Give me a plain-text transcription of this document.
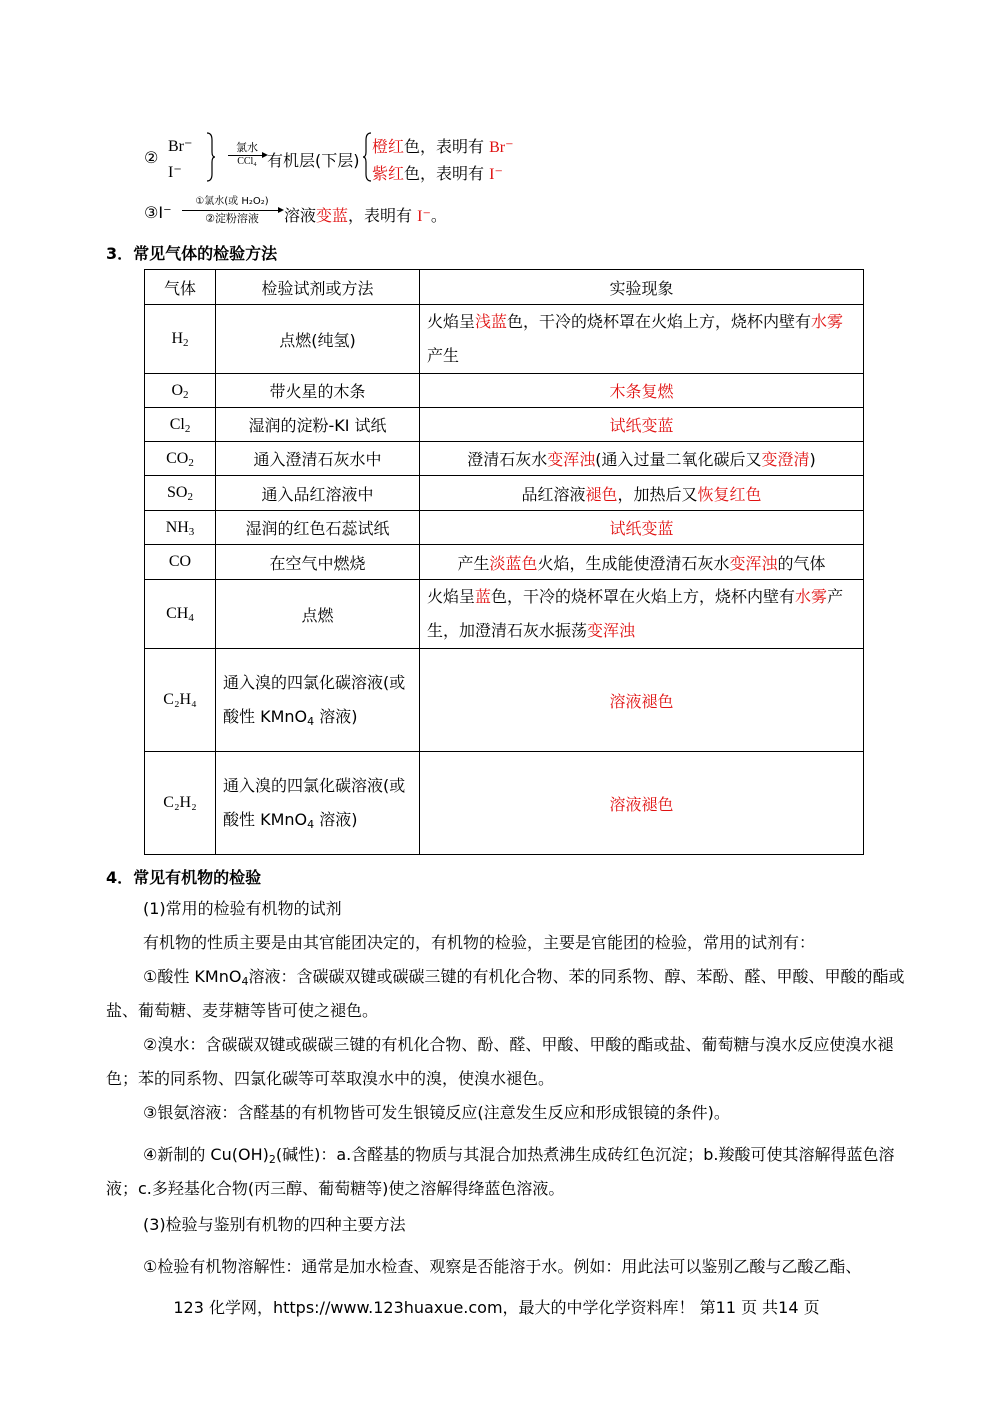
②
Br⁻
I⁻
氯水
CCl₄ 有机层(下层)
橙红色，表明有 Br⁻
紫红色，表明有 I⁻
③I⁻
①氯水(或 H₂O₂)
②淀粉溶液	溶液变蓝，表明有 I⁻。
3．常见气体的检验方法
气体	检验试剂或方法	实验现象
$H_2$	点燃(纯氢)	火焰呈浅蓝色，干冷的烧杯罩在火焰上方，烧杯内壁有水雾产生
$O_2$	带火星的木条	木条复燃
$Cl_2$	湿润的淀粉-KI 试纸	试纸变蓝
$CO_2$	通入澄清石灰水中	澄清石灰水变浑浊(通入过量二氧化碳后又变澄清)
$SO_2$	通入品红溶液中	品红溶液褪色，加热后又恢复红色
$NH_3$	湿润的红色石蕊试纸	试纸变蓝
CO	在空气中燃烧	产生淡蓝色火焰，生成能使澄清石灰水变浑浊的气体
$CH_4$	点燃	火焰呈蓝色，干冷的烧杯罩在火焰上方，烧杯内壁有水雾产生，加澄清石灰水振荡变浑浊
C₂H₄	通入溴的四氯化碳溶液(或酸性 KMnO$_4$ 溶液)	溶液褪色
C₂H₂	通入溴的四氯化碳溶液(或酸性 KMnO$_4$ 溶液)	溶液褪色
4．常见有机物的检验
(1)常用的检验有机物的试剂
有机物的性质主要是由其官能团决定的，有机物的检验，主要是官能团的检验，常用的试剂有：
①酸性 KMnO$_4$溶液：含碳碳双键或碳碳三键的有机化合物、苯的同系物、醇、苯酚、醛、甲酸、甲酸的酯或盐、葡萄糖、麦芽糖等皆可使之褪色。
②溴水：含碳碳双键或碳碳三键的有机化合物、酚、醛、甲酸、甲酸的酯或盐、葡萄糖与溴水反应使溴水褪色；苯的同系物、四氯化碳等可萃取溴水中的溴，使溴水褪色。
③银氨溶液：含醛基的有机物皆可发生银镜反应(注意发生反应和形成银镜的条件)。
④新制的 $Cu(OH)_2$(碱性)：a.含醛基的物质与其混合加热煮沸生成砖红色沉淀；b.羧酸可使其溶解得蓝色溶液；c.多羟基化合物(丙三醇、葡萄糖等)使之溶解得绛蓝色溶液。
(3)检验与鉴别有机物的四种主要方法
①检验有机物溶解性：通常是加水检查、观察是否能溶于水。例如：用此法可以鉴别乙酸与乙酸乙酯、
123 化学网，https://www.123huaxue.com，最大的中学化学资料库！ 第11 页 共14 页
